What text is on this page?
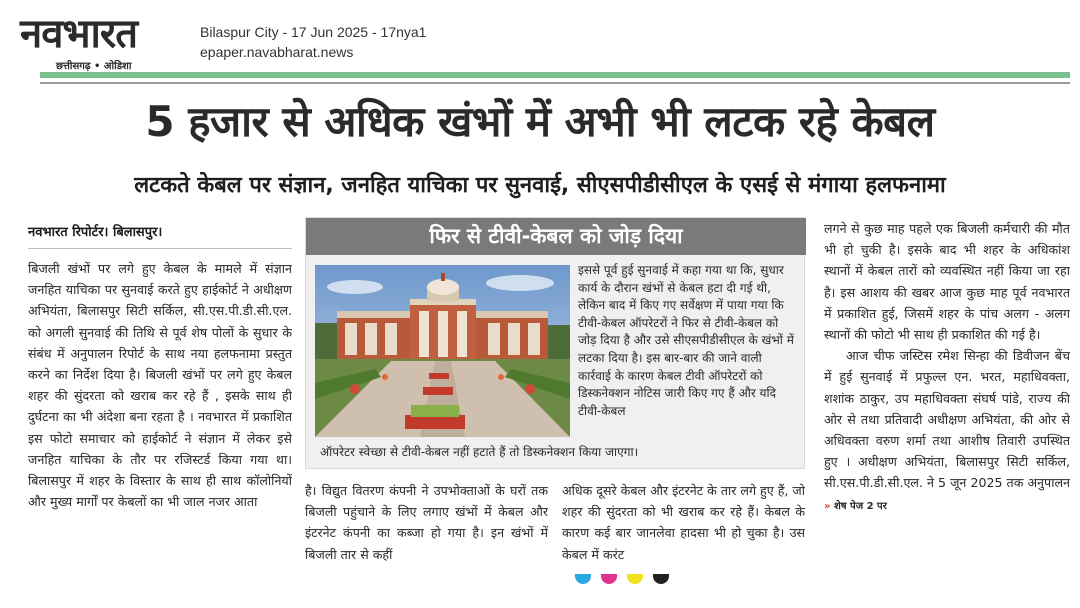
नवभारत
छत्तीसगढ़ • ओडिशा
Bilaspur City - 17 Jun 2025 - 17nya1
epaper.navabharat.news
5 हजार से अधिक खंभों में अभी भी लटक रहे केबल
लटकते केबल पर संज्ञान, जनहित याचिका पर सुनवाई, सीएसपीडीसीएल के एसई से मंगाया हलफनामा
नवभारत रिपोर्टर। बिलासपुर।

बिजली खंभों पर लगे हुए केबल के मामले में संज्ञान जनहित याचिका पर सुनवाई करते हुए हाईकोर्ट ने अधीक्षण अभियंता, बिलासपुर सिटी सर्किल, सी.एस.पी.डी.सी.एल. को अगली सुनवाई की तिथि से पूर्व शेष पोलों के सुधार के संबंध में अनुपालन रिपोर्ट के साथ नया हलफनामा प्रस्तुत करने का निर्देश दिया है। बिजली खंभों पर लगे हुए केबल शहर की सुंदरता को खराब कर रहे हैं , इसके साथ ही दुर्घटना का भी अंदेशा बना रहता है । नवभारत में प्रकाशित इस फोटो समाचार को हाईकोर्ट ने संज्ञान में लेकर इसे जनहित याचिका के तौर पर रजिस्टर्ड किया गया था। बिलासपुर में शहर के विस्तार के साथ ही साथ कॉलोनियों और मुख्य मार्गों पर केबलों का भी जाल नजर आता

फिर से टीवी-केबल को जोड़ दिया
इससे पूर्व हुई सुनवाई में कहा गया था कि, सुधार कार्य के दौरान खंभों से केबल हटा दी गई थी, लेकिन बाद में किए गए सर्वेक्षण में पाया गया कि टीवी-केबल ऑपरेटरों ने फिर से टीवी-केबल को जोड़ दिया है और उसे सीएसपीडीसीएल के खंभों में लटका दिया है। इस बार-बार की जाने वाली कार्रवाई के कारण केबल टीवी ऑपरेटरों को डिस्कनेक्शन नोटिस जारी किए गए हैं और यदि टीवी-केबल
ऑपरेटर स्वेच्छा से टीवी-केबल नहीं हटाते हैं तो डिस्कनेक्शन किया जाएगा।

है। विद्युत वितरण कंपनी ने उपभोक्ताओं के घरों तक बिजली पहुंचाने के लिए लगाए खंभों में केबल और इंटरनेट कंपनी का कब्जा हो गया है। इन खंभों में बिजली तार से कहीं

अधिक दूसरे केबल और इंटरनेट के तार लगे हुए हैं, जो शहर की सुंदरता को भी खराब कर रहे हैं। केबल के कारण कई बार जानलेवा हादसा भी हो चुका है। उस केबल में करंट

लगने से कुछ माह पहले एक बिजली कर्मचारी की मौत भी हो चुकी है। इसके बाद भी शहर के अधिकांश स्थानों में केबल तारों को व्यवस्थित नहीं किया जा रहा है। इस आशय की खबर आज कुछ माह पूर्व नवभारत में प्रकाशित हुई, जिसमें शहर के पांच अलग - अलग स्थानों की फोटो भी साथ ही प्रकाशित की गई है।

आज चीफ जस्टिस रमेश सिन्हा की डिवीजन बेंच में हुई सुनवाई में प्रफुल्ल एन. भरत, महाधिवक्ता, शशांक ठाकुर, उप महाधिवक्ता संघर्ष पांडे, राज्य की ओर से तथा प्रतिवादी अधीक्षण अभियंता, की ओर से अधिवक्ता वरुण शर्मा तथा आशीष तिवारी उपस्थित हुए । अधीक्षण अभियंता, बिलासपुर सिटी सर्किल, सी.एस.पी.डी.सी.एल. ने 5 जून 2025 तक अनुपालन » शेष पेज 2 पर
